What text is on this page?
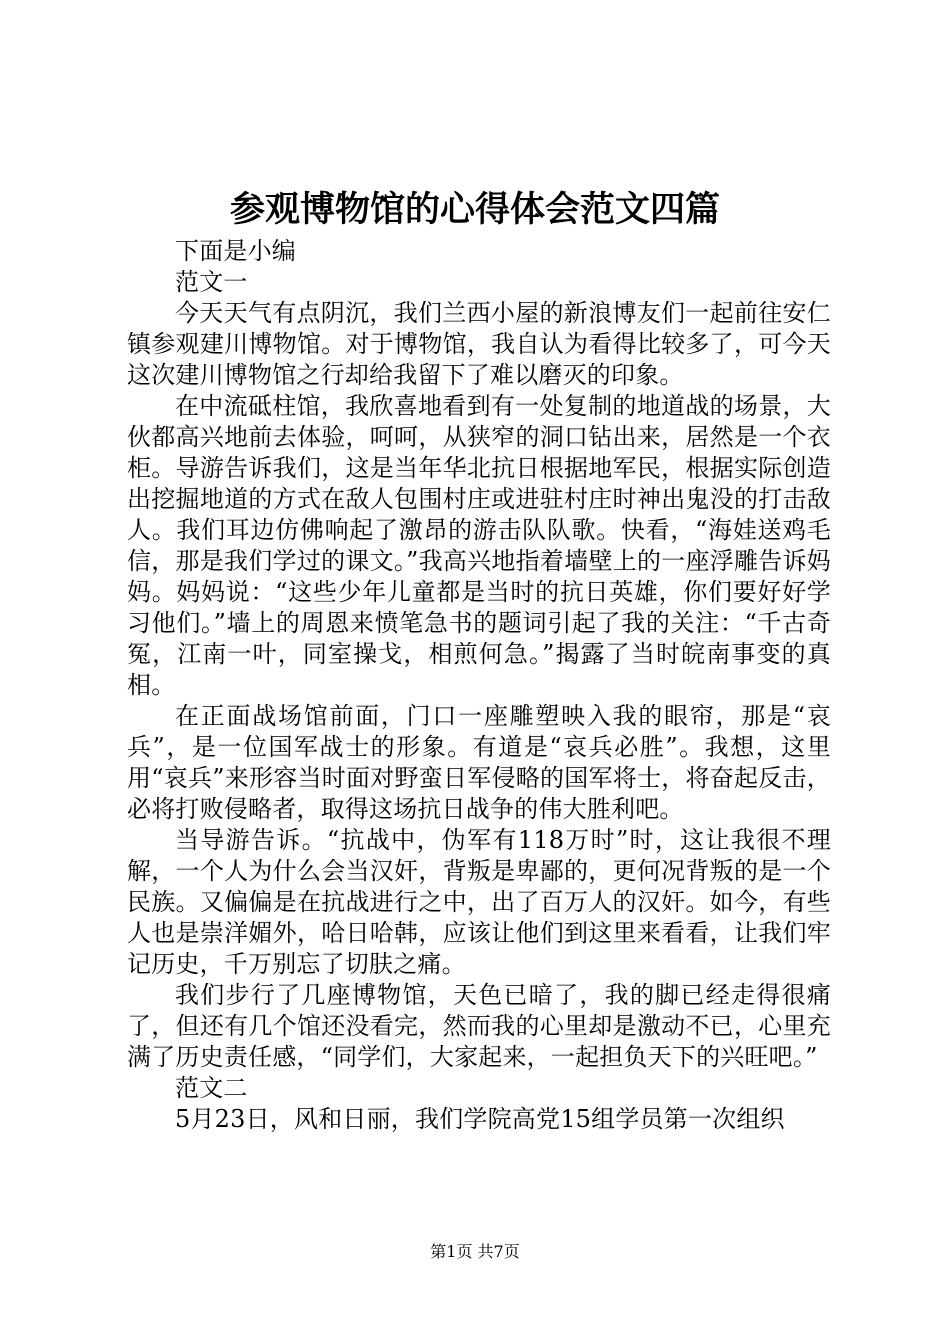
参观博物馆的心得体会范文四篇

下面是小编

范文一

今天天气有点阴沉，我们兰西小屋的新浪博友们一起前往安仁镇参观建川博物馆。对于博物馆，我自认为看得比较多了，可今天这次建川博物馆之行却给我留下了难以磨灭的印象。

在中流砥柱馆，我欣喜地看到有一处复制的地道战的场景，大伙都高兴地前去体验，呵呵，从狭窄的洞口钻出来，居然是一个衣柜。导游告诉我们，这是当年华北抗日根据地军民，根据实际创造出挖掘地道的方式在敌人包围村庄或进驻村庄时神出鬼没的打击敌人。我们耳边仿佛响起了激昂的游击队队歌。快看，“海娃送鸡毛信，那是我们学过的课文。”我高兴地指着墙壁上的一座浮雕告诉妈妈。妈妈说：“这些少年儿童都是当时的抗日英雄，你们要好好学习他们。”墙上的周恩来愤笔急书的题词引起了我的关注：“千古奇冤，江南一叶，同室操戈，相煎何急。”揭露了当时皖南事变的真相。

在正面战场馆前面，门口一座雕塑映入我的眼帘，那是“哀兵”，是一位国军战士的形象。有道是“哀兵必胜”。我想，这里用“哀兵”来形容当时面对野蛮日军侵略的国军将士，将奋起反击，必将打败侵略者，取得这场抗日战争的伟大胜利吧。

当导游告诉。“抗战中，伪军有118万时”时，这让我很不理解，一个人为什么会当汉奸，背叛是卑鄙的，更何况背叛的是一个民族。又偏偏是在抗战进行之中，出了百万人的汉奸。如今，有些人也是崇洋媚外，哈日哈韩，应该让他们到这里来看看，让我们牢记历史，千万别忘了切肤之痛。

我们步行了几座博物馆，天色已暗了，我的脚已经走得很痛了，但还有几个馆还没看完，然而我的心里却是激动不已，心里充满了历史责任感，“同学们，大家起来，一起担负天下的兴旺吧。”

范文二

5月23日，风和日丽，我们学院高党15组学员第一次组织

第1页 共7页
